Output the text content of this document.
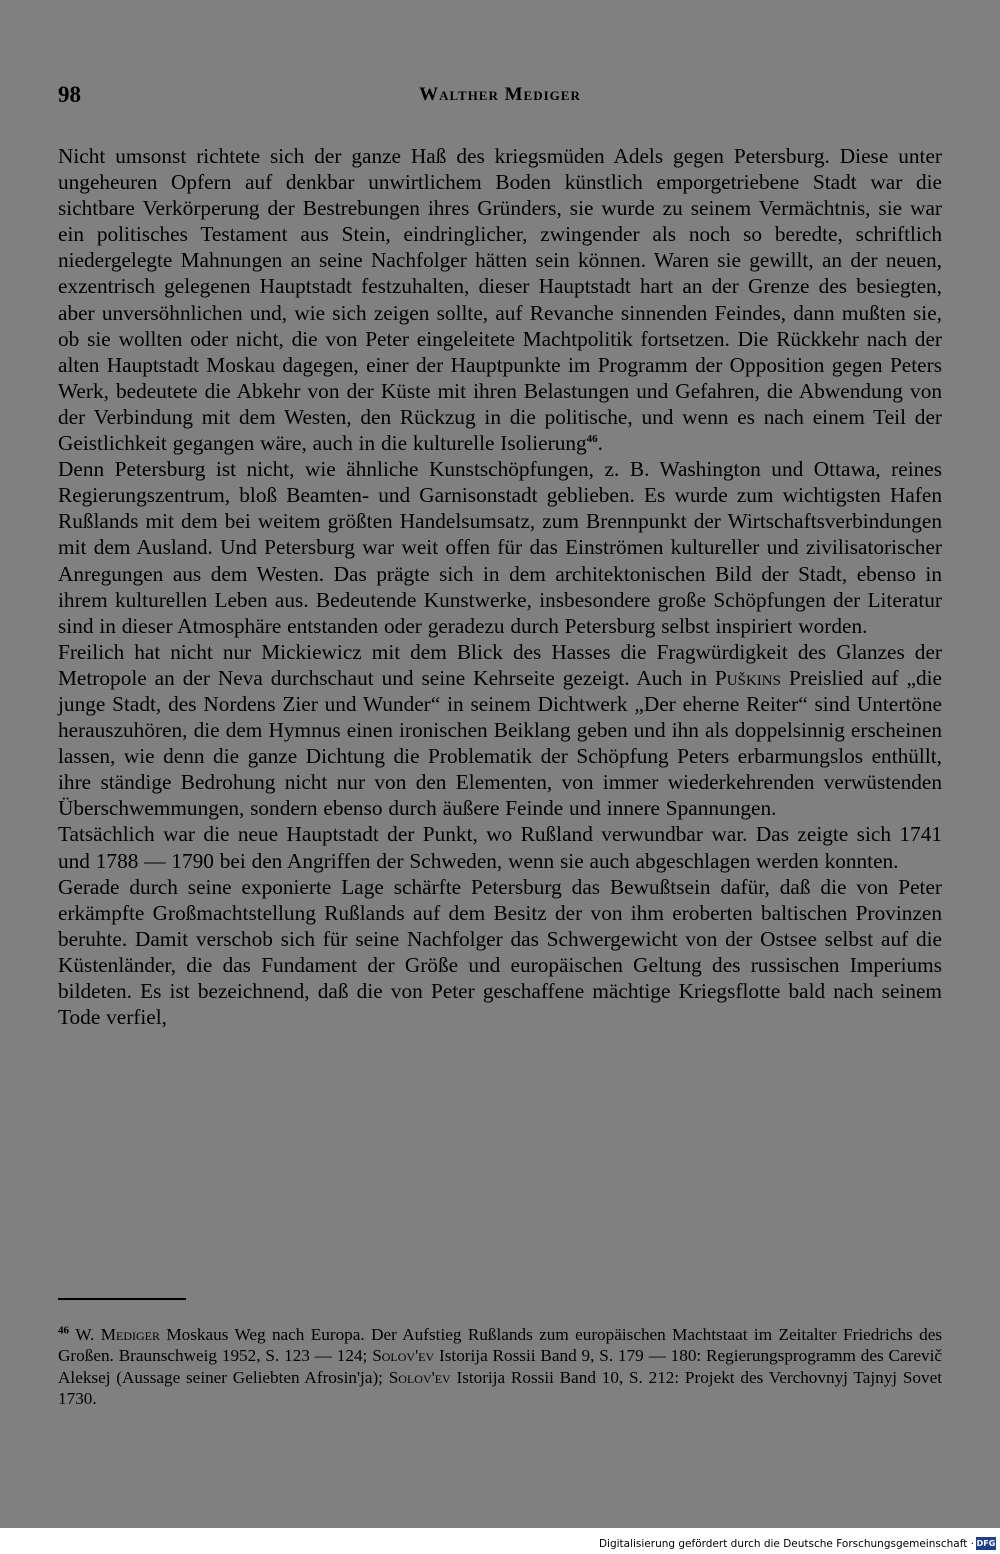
98	Walther Mediger

Nicht umsonst richtete sich der ganze Haß des kriegsmüden Adels gegen Petersburg. Diese unter ungeheuren Opfern auf denkbar unwirtlichem Boden künstlich emporgetriebene Stadt war die sichtbare Verkörperung der Bestrebungen ihres Gründers, sie wurde zu seinem Vermächtnis, sie war ein politisches Testament aus Stein, eindringlicher, zwingender als noch so beredte, schriftlich niedergelegte Mahnungen an seine Nachfolger hätten sein können. Waren sie gewillt, an der neuen, exzentrisch gelegenen Hauptstadt festzuhalten, dieser Hauptstadt hart an der Grenze des besiegten, aber unversöhnlichen und, wie sich zeigen sollte, auf Revanche sinnenden Feindes, dann mußten sie, ob sie wollten oder nicht, die von Peter eingeleitete Machtpolitik fortsetzen. Die Rückkehr nach der alten Hauptstadt Moskau dagegen, einer der Hauptpunkte im Programm der Opposition gegen Peters Werk, bedeutete die Abkehr von der Küste mit ihren Belastungen und Gefahren, die Abwendung von der Verbindung mit dem Westen, den Rückzug in die politische, und wenn es nach einem Teil der Geistlichkeit gegangen wäre, auch in die kulturelle Isolierung$^{46}$.

Denn Petersburg ist nicht, wie ähnliche Kunstschöpfungen, z. B. Washington und Ottawa, reines Regierungszentrum, bloß Beamten- und Garnisonstadt geblieben. Es wurde zum wichtigsten Hafen Rußlands mit dem bei weitem größten Handelsumsatz, zum Brennpunkt der Wirtschaftsverbindungen mit dem Ausland. Und Petersburg war weit offen für das Einströmen kultureller und zivilisatorischer Anregungen aus dem Westen. Das prägte sich in dem architektonischen Bild der Stadt, ebenso in ihrem kulturellen Leben aus. Bedeutende Kunstwerke, insbesondere große Schöpfungen der Literatur sind in dieser Atmosphäre entstanden oder geradezu durch Petersburg selbst inspiriert worden.

Freilich hat nicht nur Mickiewicz mit dem Blick des Hasses die Fragwürdigkeit des Glanzes der Metropole an der Neva durchschaut und seine Kehrseite gezeigt. Auch in Puškins Preislied auf „die junge Stadt, des Nordens Zier und Wunder“ in seinem Dichtwerk „Der eherne Reiter“ sind Untertöne herauszuhören, die dem Hymnus einen ironischen Beiklang geben und ihn als doppelsinnig erscheinen lassen, wie denn die ganze Dichtung die Problematik der Schöpfung Peters erbarmungslos enthüllt, ihre ständige Bedrohung nicht nur von den Elementen, von immer wiederkehrenden verwüstenden Überschwemmungen, sondern ebenso durch äußere Feinde und innere Spannungen.

Tatsächlich war die neue Hauptstadt der Punkt, wo Rußland verwundbar war. Das zeigte sich 1741 und 1788 — 1790 bei den Angriffen der Schweden, wenn sie auch abgeschlagen werden konnten.

Gerade durch seine exponierte Lage schärfte Petersburg das Bewußtsein dafür, daß die von Peter erkämpfte Großmachtstellung Rußlands auf dem Besitz der von ihm eroberten baltischen Provinzen beruhte. Damit verschob sich für seine Nachfolger das Schwergewicht von der Ostsee selbst auf die Küstenländer, die das Fundament der Größe und europäischen Geltung des russischen Imperiums bildeten. Es ist bezeichnend, daß die von Peter geschaffene mächtige Kriegsflotte bald nach seinem Tode verfiel,

$^{46}$ W. Mediger Moskaus Weg nach Europa. Der Aufstieg Rußlands zum europäischen Machtstaat im Zeitalter Friedrichs des Großen. Braunschweig 1952, S. 123 — 124; Solov'ev Istorija Rossii Band 9, S. 179 — 180: Regierungsprogramm des Carevič Aleksej (Aussage seiner Geliebten Afrosin'ja); Solov'ev Istorija Rossii Band 10, S. 212: Projekt des Verchovnyj Tajnyj Sovet 1730.

Digitalisierung gefördert durch die Deutsche Forschungsgemeinschaft · DFG
